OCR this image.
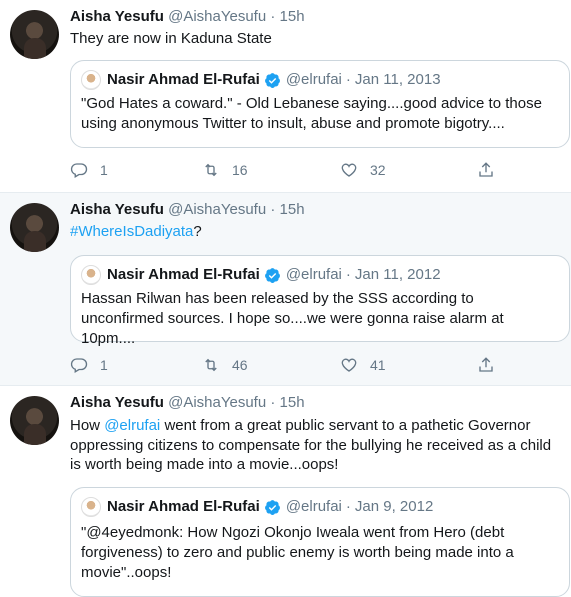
Aisha Yesufu @AishaYesufu · 15h
They are now in Kaduna State
Nasir Ahmad El-Rufai @elrufai · Jan 11, 2013
"God Hates a coward." - Old Lebanese saying....good advice to those using anonymous Twitter to insult, abuse and promote bigotry....
1	16	32
Aisha Yesufu @AishaYesufu · 15h
#WhereIsDadiyata?
Nasir Ahmad El-Rufai @elrufai · Jan 11, 2012
Hassan Rilwan has been released by the SSS according to unconfirmed sources. I hope so....we were gonna raise alarm at 10pm....
1	46	41
Aisha Yesufu @AishaYesufu · 15h
How @elrufai went from a great public servant to a pathetic Governor oppressing citizens to compensate for the bullying he received as a child is worth being made into a movie...oops!
Nasir Ahmad El-Rufai @elrufai · Jan 9, 2012
"@4eyedmonk: How Ngozi Okonjo Iweala went from Hero (debt forgiveness) to zero and public enemy is worth being made into a movie"..oops!
